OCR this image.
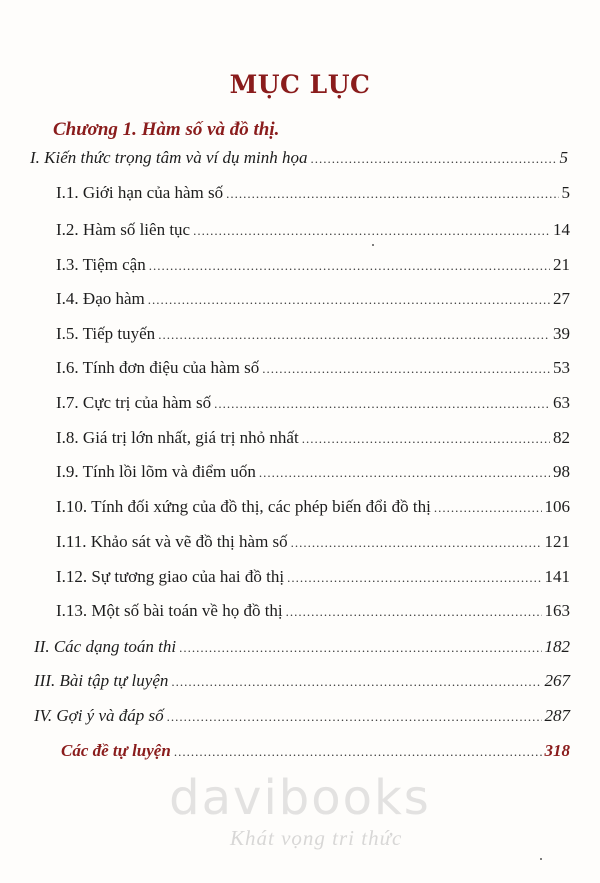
MỤC LỤC
Chương 1. Hàm số và đồ thị.
I. Kiến thức trọng tâm và ví dụ minh họa .....	5
I.1. Giới hạn của hàm số .....	5
I.2. Hàm số liên tục .....	14
I.3. Tiệm cận .....	21
I.4. Đạo hàm .....	27
I.5. Tiếp tuyến .....	39
I.6. Tính đơn điệu của hàm số .....	53
I.7. Cực trị của hàm số .....	63
I.8. Giá trị lớn nhất, giá trị nhỏ nhất .....	82
I.9. Tính lồi lõm và điểm uốn .....	98
I.10. Tính đối xứng của đồ thị, các phép biến đổi đồ thị .....	106
I.11. Khảo sát và vẽ đồ thị hàm số .....	121
I.12. Sự tương giao của hai đồ thị .....	141
I.13. Một số bài toán về họ đồ thị .....	163
II. Các dạng toán thi .....	182
III. Bài tập tự luyện .....	267
IV. Gợi ý và đáp số .....	287
Các đề tự luyện .....	318
davibooks
Khát vọng tri thức
